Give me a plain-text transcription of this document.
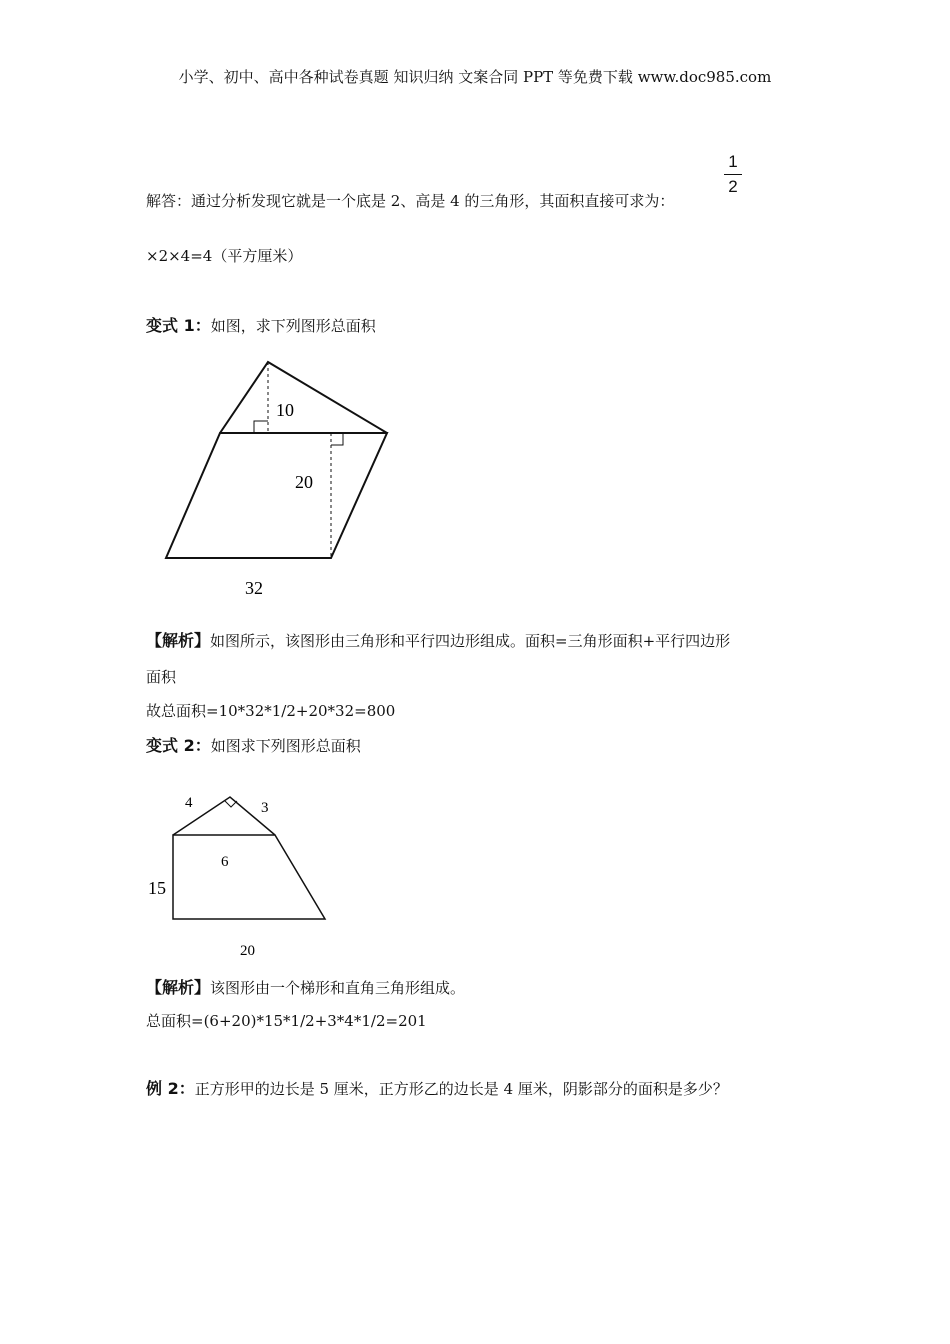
小学、初中、高中各种试卷真题 知识归纳 文案合同 PPT 等免费下载 www.doc985.com
解答：通过分析发现它就是一个底是 2、高是 4 的三角形，其面积直接可求为：
1
2
×2×4=4（平方厘米）
变式 1：如图，求下列图形总面积
10
20
32
【解析】如图所示，该图形由三角形和平行四边形组成。面积=三角形面积+平行四边形
面积
故总面积=10*32*1/2+20*32=800
变式 2：如图求下列图形总面积
4	3
6
15
20
【解析】该图形由一个梯形和直角三角形组成。
总面积=(6+20)*15*1/2+3*4*1/2=201
例 2：正方形甲的边长是 5 厘米，正方形乙的边长是 4 厘米，阴影部分的面积是多少？
